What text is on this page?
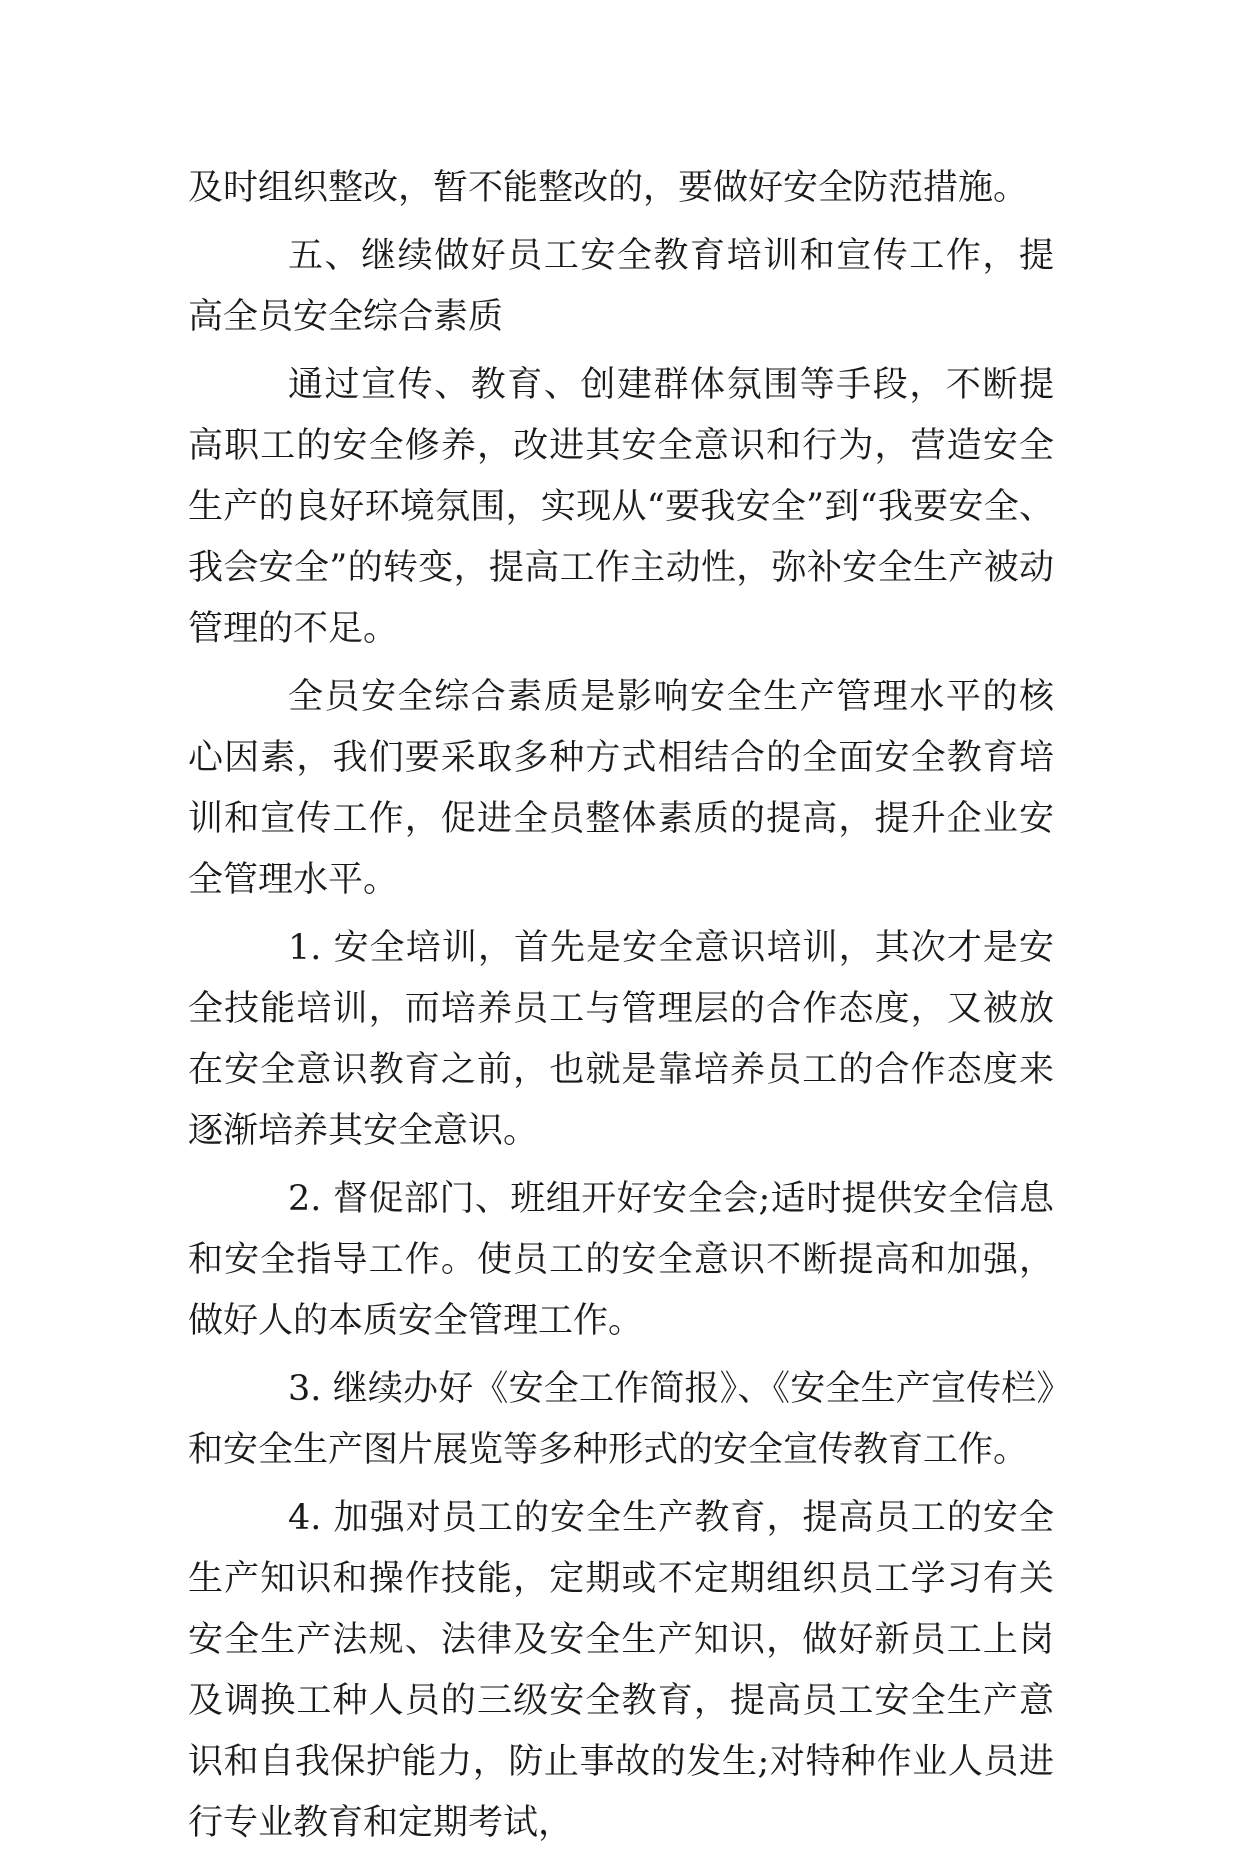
及时组织整改，暂不能整改的，要做好安全防范措施。

五、继续做好员工安全教育培训和宣传工作，提高全员安全综合素质

通过宣传、教育、创建群体氛围等手段，不断提高职工的安全修养，改进其安全意识和行为，营造安全生产的良好环境氛围，实现从“要我安全”到“我要安全、我会安全”的转变，提高工作主动性，弥补安全生产被动管理的不足。

全员安全综合素质是影响安全生产管理水平的核心因素，我们要采取多种方式相结合的全面安全教育培训和宣传工作，促进全员整体素质的提高，提升企业安全管理水平。

1. 安全培训，首先是安全意识培训，其次才是安全技能培训，而培养员工与管理层的合作态度，又被放在安全意识教育之前，也就是靠培养员工的合作态度来逐渐培养其安全意识。

2. 督促部门、班组开好安全会;适时提供安全信息和安全指导工作。使员工的安全意识不断提高和加强，做好人的本质安全管理工作。

3. 继续办好《安全工作简报》、《安全生产宣传栏》和安全生产图片展览等多种形式的安全宣传教育工作。

4. 加强对员工的安全生产教育，提高员工的安全生产知识和操作技能，定期或不定期组织员工学习有关安全生产法规、法律及安全生产知识，做好新员工上岗及调换工种人员的三级安全教育，提高员工安全生产意识和自我保护能力，防止事故的发生;对特种作业人员进行专业教育和定期考试，
